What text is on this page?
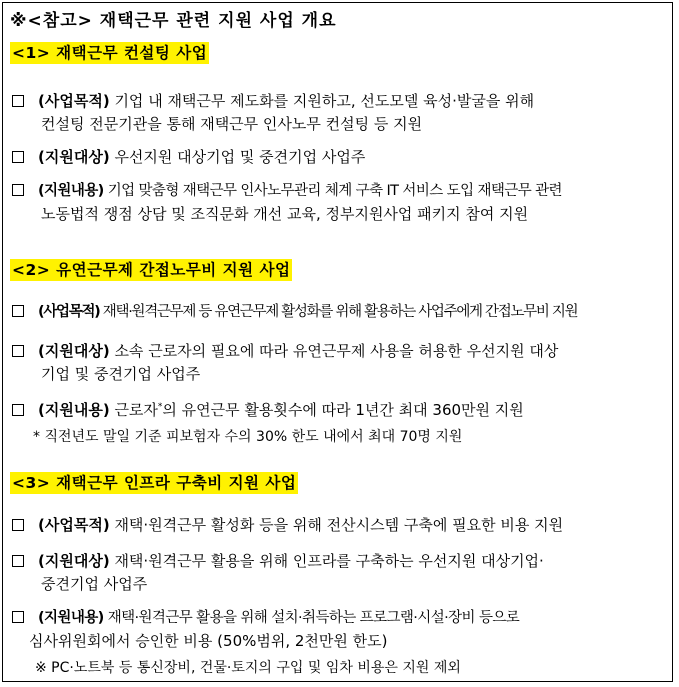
※<참고> 재택근무 관련 지원 사업 개요
<1> 재택근무 컨설팅 사업
(사업목적) 기업 내 재택근무 제도화를 지원하고, 선도모델 육성·발굴을 위해
컨설팅 전문기관을 통해 재택근무 인사노무 컨설팅 등 지원
(지원대상) 우선지원 대상기업 및 중견기업 사업주
(지원내용) 기업 맞춤형 재택근무 인사노무관리 체계 구축 IT 서비스 도입 재택근무 관련
노동법적 쟁점 상담 및 조직문화 개선 교육, 정부지원사업 패키지 참여 지원
<2> 유연근무제 간접노무비 지원 사업
(사업목적) 재택·원격근무제 등 유연근무제 활성화를 위해 활용하는 사업주에게 간접노무비 지원
(지원대상) 소속 근로자의 필요에 따라 유연근무제 사용을 허용한 우선지원 대상
기업 및 중견기업 사업주
(지원내용) 근로자*의 유연근무 활용횟수에 따라 1년간 최대 360만원 지원
* 직전년도 말일 기준 피보험자 수의 30% 한도 내에서 최대 70명 지원
<3> 재택근무 인프라 구축비 지원 사업
(사업목적) 재택·원격근무 활성화 등을 위해 전산시스템 구축에 필요한 비용 지원
(지원대상) 재택·원격근무 활용을 위해 인프라를 구축하는 우선지원 대상기업·
중견기업 사업주
(지원내용) 재택·원격근무 활용을 위해 설치·취득하는 프로그램·시설·장비 등으로
심사위원회에서 승인한 비용 (50%범위, 2천만원 한도)
※ PC·노트북 등 통신장비, 건물·토지의 구입 및 임차 비용은 지원 제외
